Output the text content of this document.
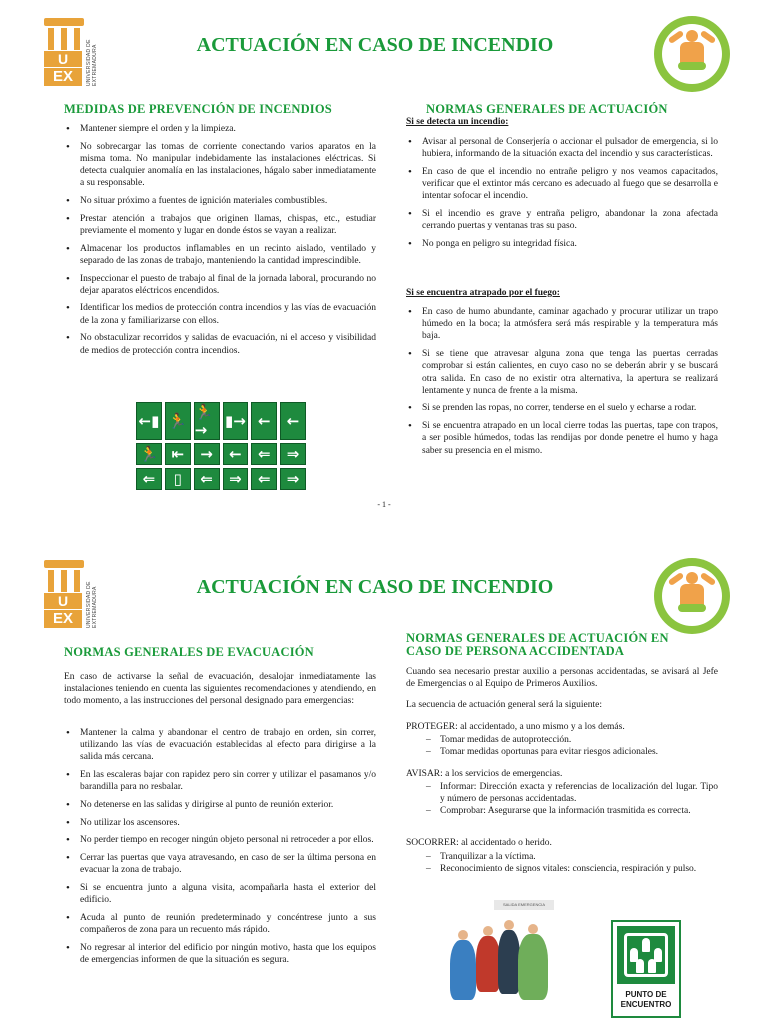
U
EX	UNIVERSIDAD DE EXTREMADURA	ACTUACIÓN EN CASO DE INCENDIO
MEDIDAS DE PREVENCIÓN DE INCENDIOS
• Mantener siempre el orden y la limpieza.
• No sobrecargar las tomas de corriente conectando varios aparatos en la misma toma. No manipular indebidamente las instalaciones eléctricas. Si detecta cualquier anomalía en las instalaciones, hágalo saber inmediatamente a su responsable.
• No situar próximo a fuentes de ignición materiales combustibles.
• Prestar atención a trabajos que originen llamas, chispas, etc., estudiar previamente el momento y lugar en donde éstos se vayan a realizar.
• Almacenar los productos inflamables en un recinto aislado, ventilado y separado de las zonas de trabajo, manteniendo la cantidad imprescindible.
• Inspeccionar el puesto de trabajo al final de la jornada laboral, procurando no dejar aparatos eléctricos encendidos.
• Identificar los medios de protección contra incendios y las vías de evacuación de la zona y familiarizarse con ellos.
• No obstaculizar recorridos y salidas de evacuación, ni el acceso y visibilidad de medios de protección contra incendios.
←▮ 🏃 🏃→	▮→ ←	←
🏃 ⇤	→	←	⇐	⇒
⇐	▯	⇐	⇒	⇐	⇒
NORMAS GENERALES DE ACTUACIÓN
Si se detecta un incendio:
• Avisar al personal de Conserjería o accionar el pulsador de emergencia, si lo hubiera, informando de la situación exacta del incendio y sus características.
• En caso de que el incendio no entrañe peligro y nos veamos capacitados, verificar que el extintor más cercano es adecuado al fuego que se desarrolla e intentar sofocar el incendio.
• Si el incendio es grave y entraña peligro, abandonar la zona afectada cerrando puertas y ventanas tras su paso.
• No ponga en peligro su integridad física.
Si se encuentra atrapado por el fuego:
• En caso de humo abundante, caminar agachado y procurar utilizar un trapo húmedo en la boca; la atmósfera será más respirable y la temperatura más baja.
• Si se tiene que atravesar alguna zona que tenga las puertas cerradas comprobar si están calientes, en cuyo caso no se deberán abrir y se buscará otra salida. En caso de no existir otra alternativa, la apertura se realizará lentamente y nunca de frente a la misma.
• Si se prenden las ropas, no correr, tenderse en el suelo y echarse a rodar.
• Si se encuentra atrapado en un local cierre todas las puertas, tape con trapos, a ser posible húmedos, todas las rendijas por donde penetre el humo y haga saber su presencia en el mismo.
- 1 -
U
EX	UNIVERSIDAD DE EXTREMADURA	ACTUACIÓN EN CASO DE INCENDIO
NORMAS GENERALES DE EVACUACIÓN
En caso de activarse la señal de evacuación, desalojar inmediatamente las instalaciones teniendo en cuenta las siguientes recomendaciones y atendiendo, en todo momento, a las instrucciones del personal designado para emergencias:
• Mantener la calma y abandonar el centro de trabajo en orden, sin correr, utilizando las vías de evacuación establecidas al efecto para dirigirse a la salida más cercana.
• En las escaleras bajar con rapidez pero sin correr y utilizar el pasamanos y/o barandilla para no resbalar.
• No detenerse en las salidas y dirigirse al punto de reunión exterior.
• No utilizar los ascensores.
• No perder tiempo en recoger ningún objeto personal ni retroceder a por ellos.
• Cerrar las puertas que vaya atravesando, en caso de ser la última persona en evacuar la zona de trabajo.
• Si se encuentra junto a alguna visita, acompañarla hasta el exterior del edificio.
• Acuda al punto de reunión predeterminado y concéntrese junto a sus compañeros de zona para un recuento más rápido.
• No regresar al interior del edificio por ningún motivo, hasta que los equipos de emergencias informen de que la situación es segura.
NORMAS GENERALES DE ACTUACIÓN EN CASO DE PERSONA ACCIDENTADA
Cuando sea necesario prestar auxilio a personas accidentadas, se avisará al Jefe de Emergencias o al Equipo de Primeros Auxilios.
La secuencia de actuación general será la siguiente:
PROTEGER: al accidentado, a uno mismo y a los demás.
– Tomar medidas de autoprotección.
– Tomar medidas oportunas para evitar riesgos adicionales.
AVISAR: a los servicios de emergencias.
– Informar: Dirección exacta y referencias de localización del lugar. Tipo y número de personas accidentadas.
– Comprobar: Asegurarse que la información trasmitida es correcta.
SOCORRER: al accidentado o herido.
– Tranquilizar a la víctima.
– Reconocimiento de signos vitales: consciencia, respiración y pulso.
SALIDA EMERGENCIA
PUNTO DE ENCUENTRO
